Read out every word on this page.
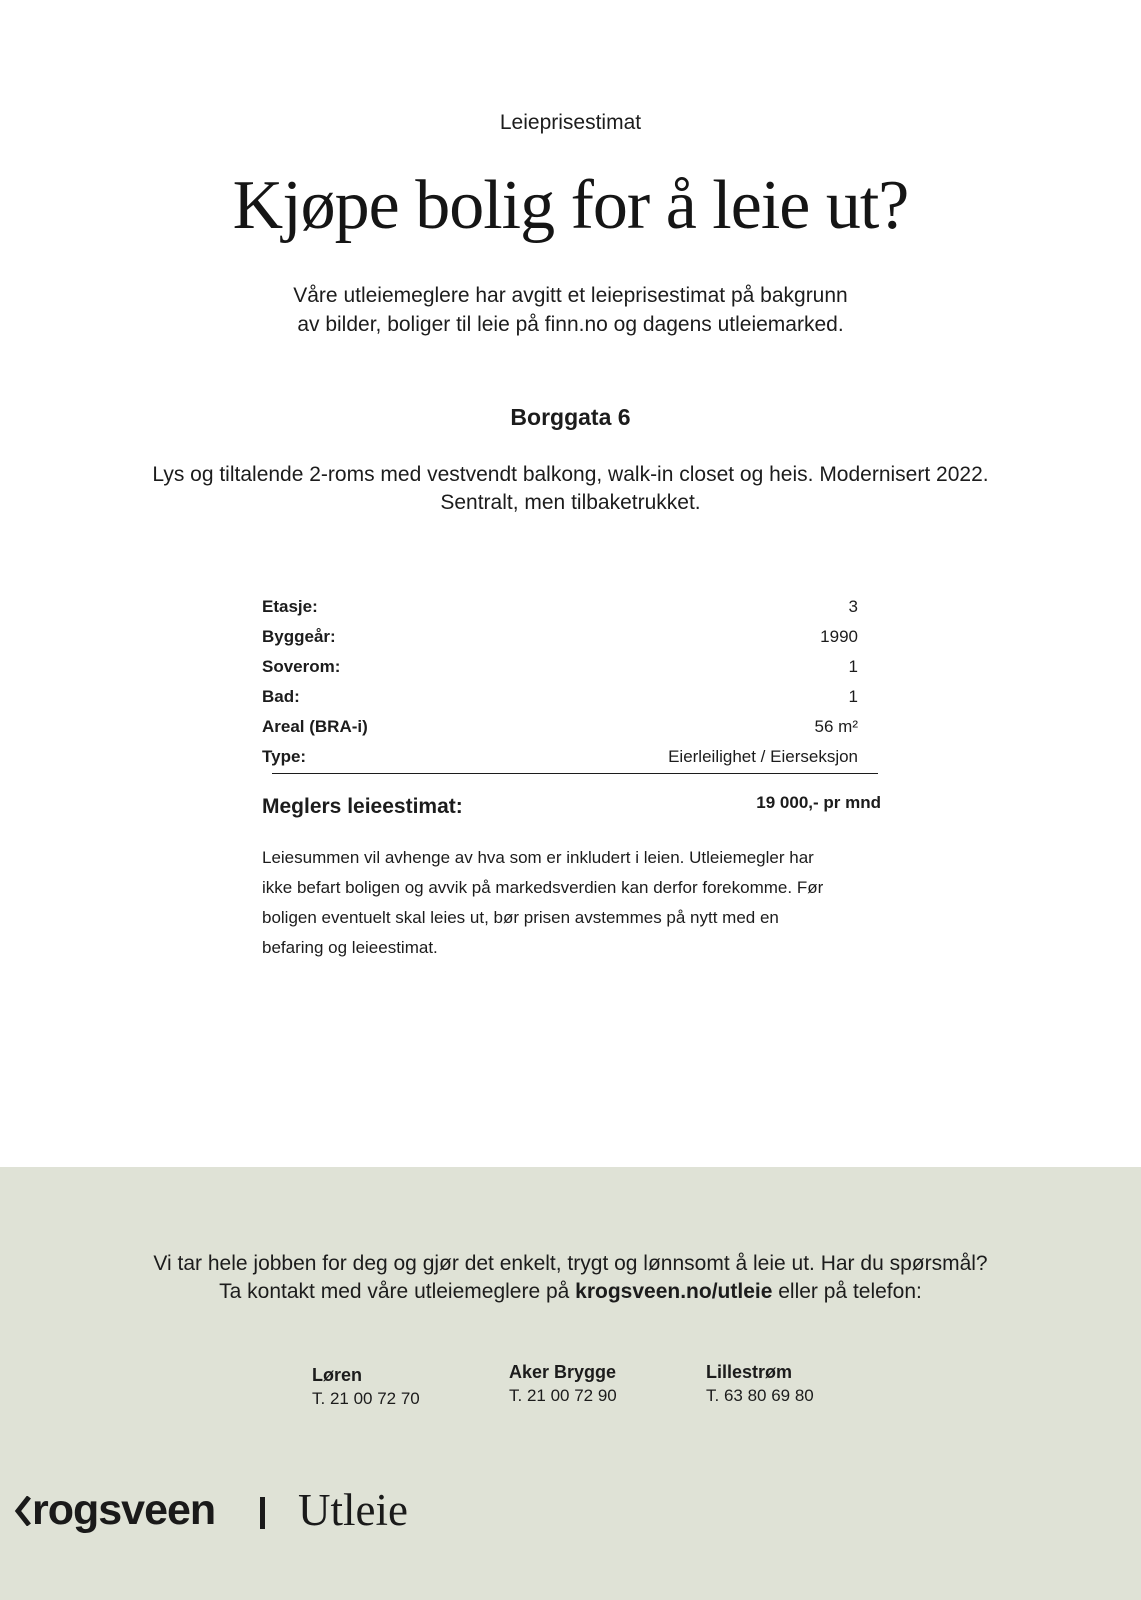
Leieprisestimat
Kjøpe bolig for å leie ut?
Våre utleiemeglere har avgitt et leieprisestimat på bakgrunn
av bilder, boliger til leie på finn.no og dagens utleiemarked.
Borggata 6
Lys og tiltalende 2-roms med vestvendt balkong, walk-in closet og heis. Modernisert 2022.
Sentralt, men tilbaketrukket.
Etasje:	3
Byggeår:	1990
Soverom:	1
Bad:	1
Areal (BRA-i)	56 m²
Type:	Eierleilighet / Eierseksjon
Meglers leieestimat:	19 000,- pr mnd
Leiesummen vil avhenge av hva som er inkludert i leien. Utleiemegler har
ikke befart boligen og avvik på markedsverdien kan derfor forekomme. Før
boligen eventuelt skal leies ut, bør prisen avstemmes på nytt med en
befaring og leieestimat.
Vi tar hele jobben for deg og gjør det enkelt, trygt og lønnsomt å leie ut. Har du spørsmål?
Ta kontakt med våre utleiemeglere på krogsveen.no/utleie eller på telefon:
Løren
T. 21 00 72 70
Aker Brygge
T. 21 00 72 90
Lillestrøm
T. 63 80 69 80
rogsveen Utleie
